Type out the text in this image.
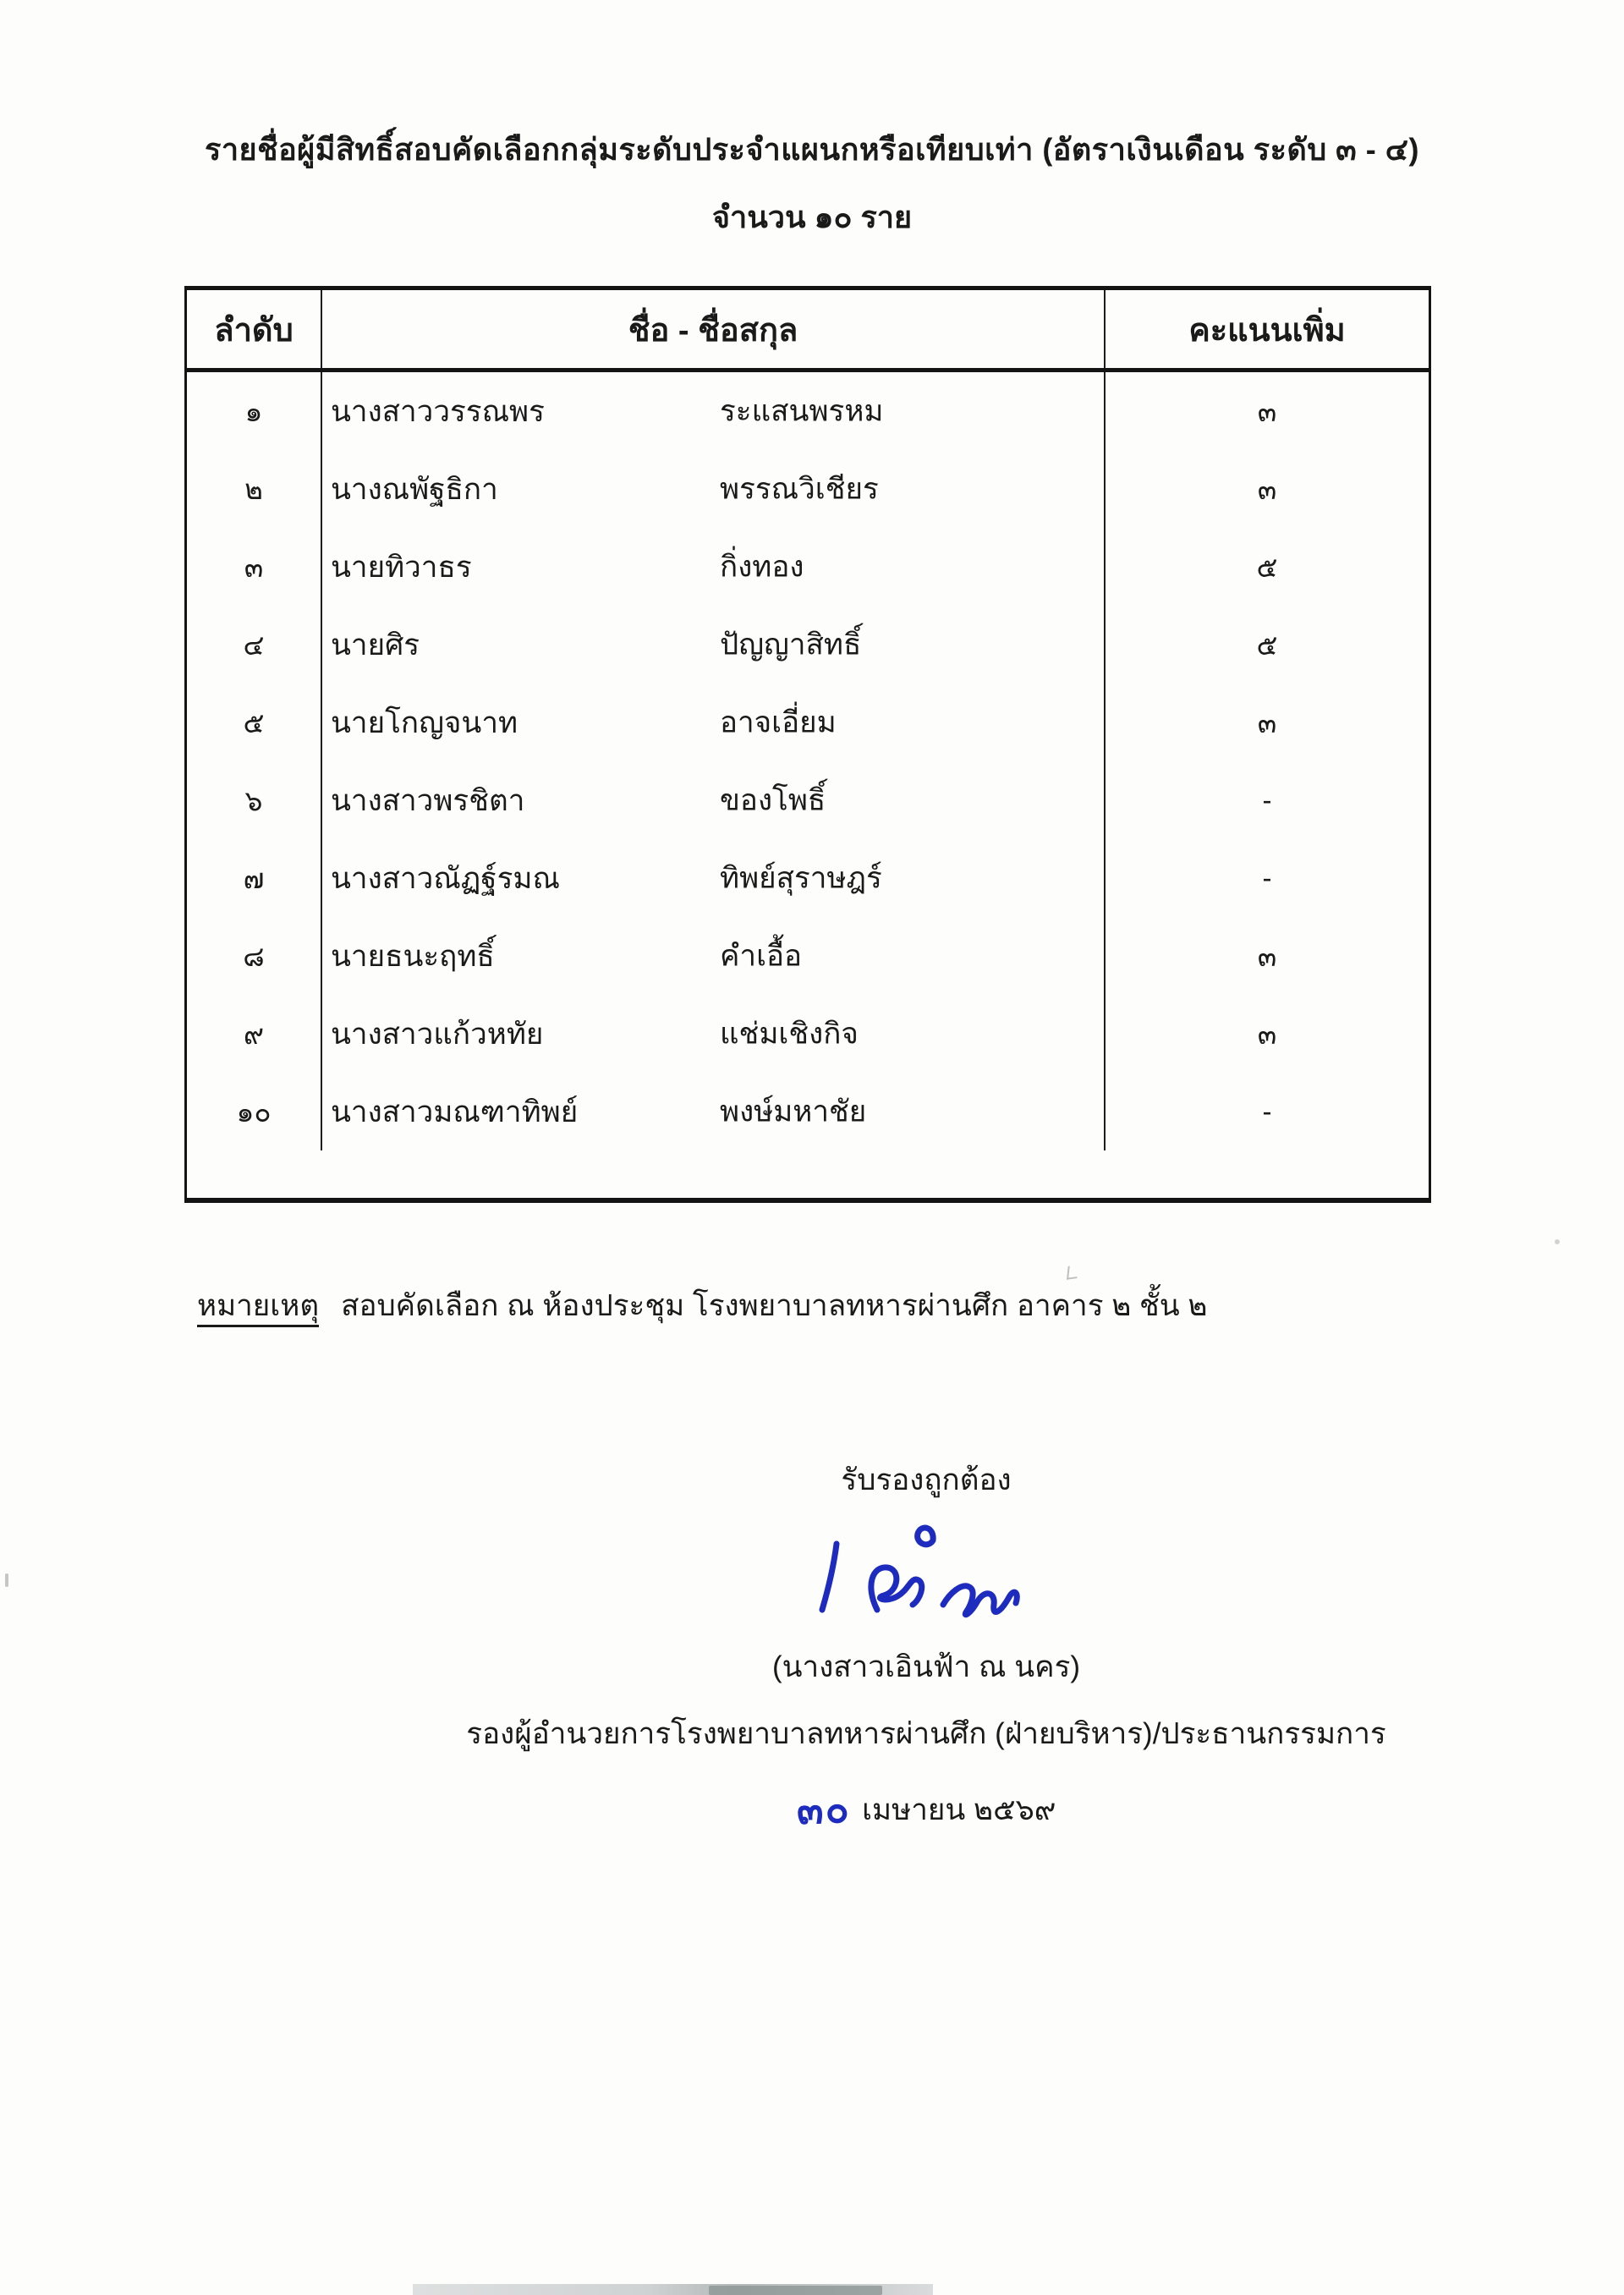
รายชื่อผู้มีสิทธิ์สอบคัดเลือกกลุ่มระดับประจำแผนกหรือเทียบเท่า (อัตราเงินเดือน ระดับ ๓ - ๔)
จำนวน ๑๐ ราย
ลำดับ	ชื่อ - ชื่อสกุล	คะแนนเพิ่ม
๑	นางสาววรรณพร	ระแสนพรหม	๓
๒	นางณพัฐธิกา	พรรณวิเชียร	๓
๓	นายทิวาธร	กิ่งทอง	๕
๔	นายศิร	ปัญญาสิทธิ์	๕
๕	นายโกญจนาท	อาจเอี่ยม	๓
๖	นางสาวพรชิตา	ของโพธิ์	-
๗	นางสาวณัฏฐ์รมณ	ทิพย์สุราษฎร์	-
๘	นายธนะฤทธิ์	คำเอื้อ	๓
๙	นางสาวแก้วหทัย	แช่มเชิงกิจ	๓
๑๐	นางสาวมณฑาทิพย์	พงษ์มหาชัย	-
หมายเหตุ สอบคัดเลือก ณ ห้องประชุม โรงพยาบาลทหารผ่านศึก อาคาร ๒ ชั้น ๒
รับรองถูกต้อง
(นางสาวเอินฟ้า ณ นคร)
รองผู้อำนวยการโรงพยาบาลทหารผ่านศึก (ฝ่ายบริหาร)/ประธานกรรมการ
๓๐ เมษายน ๒๕๖๙
